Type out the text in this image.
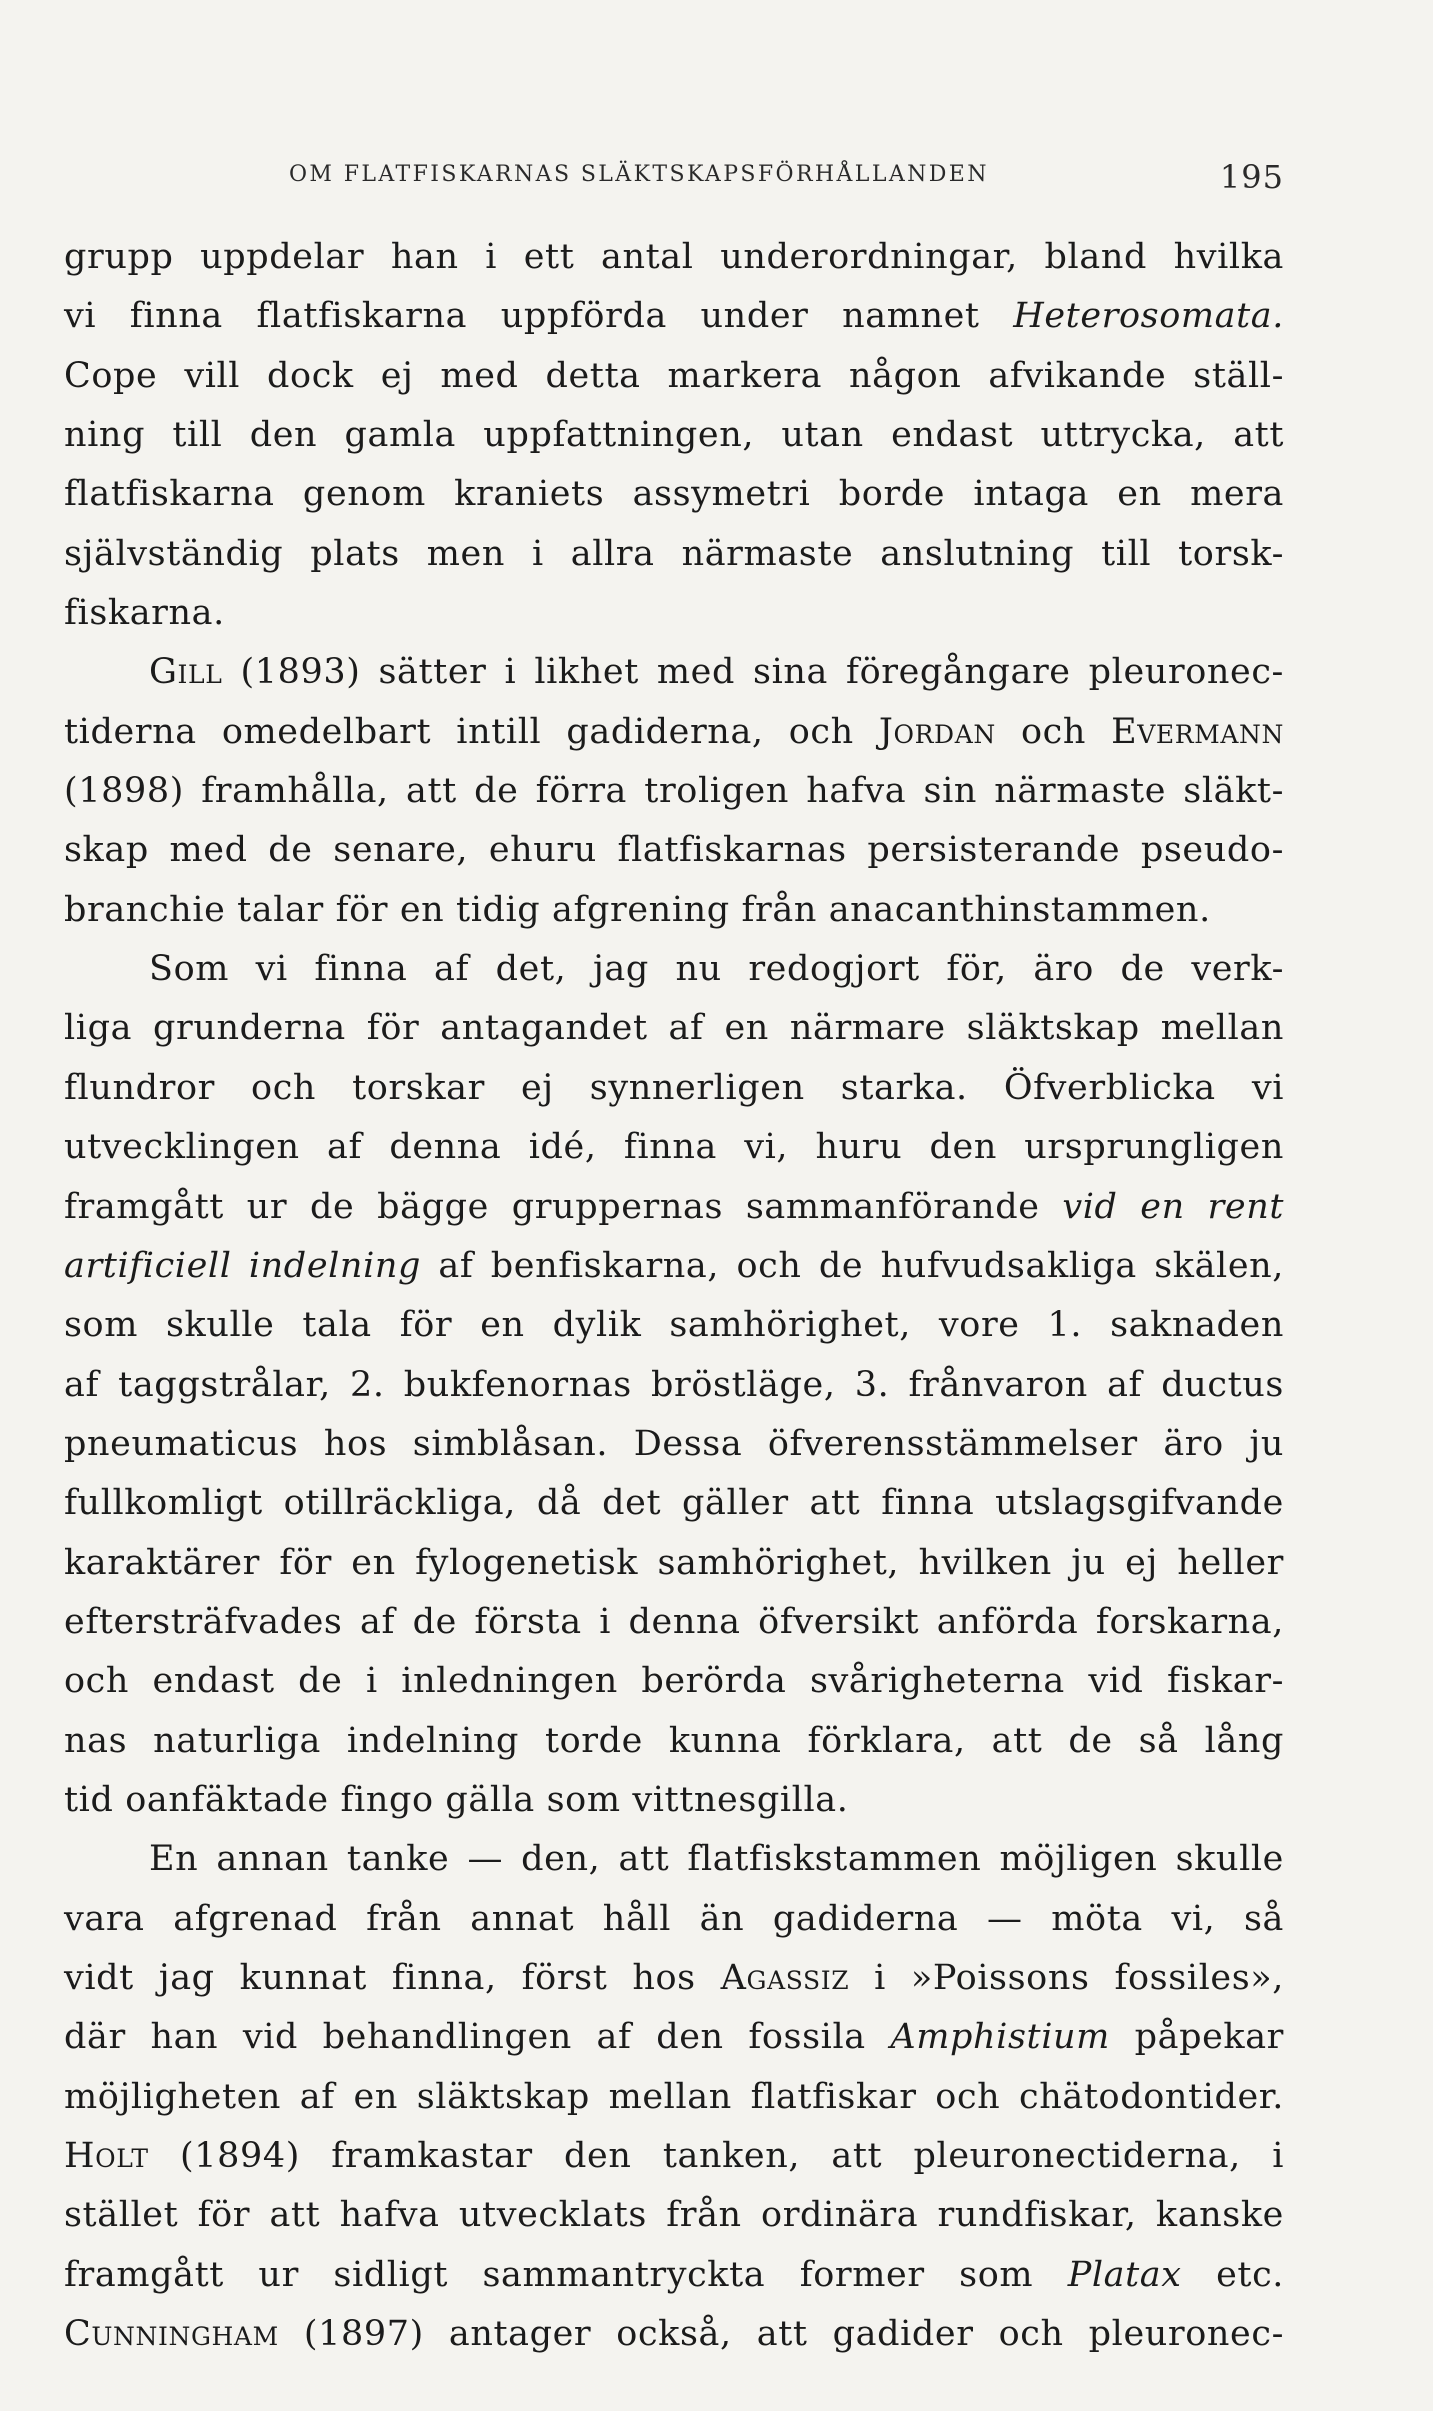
OM FLATFISKARNAS SLÄKTSKAPSFÖRHÅLLANDEN	195
grupp uppdelar han i ett antal underordningar, bland hvilka
vi finna flatfiskarna uppförda under namnet Heterosomata.
Cope vill dock ej med detta markera någon afvikande ställ-
ning till den gamla uppfattningen, utan endast uttrycka, att
flatfiskarna genom kraniets assymetri borde intaga en mera
självständig plats men i allra närmaste anslutning till torsk-
fiskarna.
Gill (1893) sätter i likhet med sina föregångare pleuronec-
tiderna omedelbart intill gadiderna, och Jordan och Evermann
(1898) framhålla, att de förra troligen hafva sin närmaste släkt-
skap med de senare, ehuru flatfiskarnas persisterande pseudo-
branchie talar för en tidig afgrening från anacanthinstammen.
Som vi finna af det, jag nu redogjort för, äro de verk-
liga grunderna för antagandet af en närmare släktskap mellan
flundror och torskar ej synnerligen starka. Öfverblicka vi
utvecklingen af denna idé, finna vi, huru den ursprungligen
framgått ur de bägge gruppernas sammanförande vid en rent
artificiell indelning af benfiskarna, och de hufvudsakliga skälen,
som skulle tala för en dylik samhörighet, vore 1. saknaden
af taggstrålar, 2. bukfenornas bröstläge, 3. frånvaron af ductus
pneumaticus hos simblåsan. Dessa öfverensstämmelser äro ju
fullkomligt otillräckliga, då det gäller att finna utslagsgifvande
karaktärer för en fylogenetisk samhörighet, hvilken ju ej heller
eftersträfvades af de första i denna öfversikt anförda forskarna,
och endast de i inledningen berörda svårigheterna vid fiskar-
nas naturliga indelning torde kunna förklara, att de så lång
tid oanfäktade fingo gälla som vittnesgilla.
En annan tanke — den, att flatfiskstammen möjligen skulle
vara afgrenad från annat håll än gadiderna — möta vi, så
vidt jag kunnat finna, först hos Agassiz i »Poissons fossiles»,
där han vid behandlingen af den fossila Amphistium påpekar
möjligheten af en släktskap mellan flatfiskar och chätodontider.
Holt (1894) framkastar den tanken, att pleuronectiderna, i
stället för att hafva utvecklats från ordinära rundfiskar, kanske
framgått ur sidligt sammantryckta former som Platax etc.
Cunningham (1897) antager också, att gadider och pleuronec-
